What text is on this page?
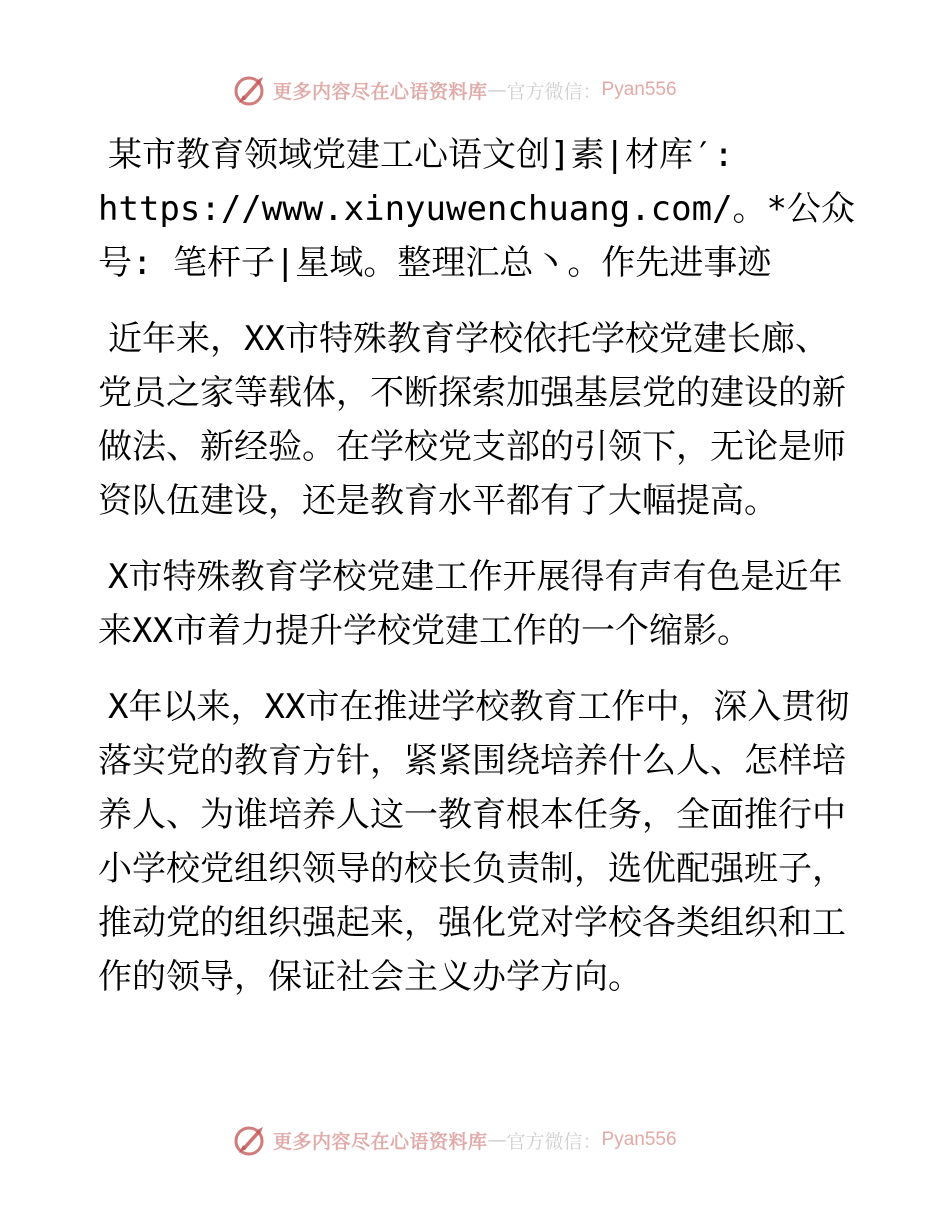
更多内容尽在心语资料库 — 官方微信： Pyan556

某市教育领域党建工心语文创]素|材库′: https://www.xinyuwenchuang.com/。*公众号: 笔杆子|星域。整理汇总丶。作先进事迹

近年来，XX市特殊教育学校依托学校党建长廊、党员之家等载体，不断探索加强基层党的建设的新做法、新经验。在学校党支部的引领下，无论是师资队伍建设，还是教育水平都有了大幅提高。

X市特殊教育学校党建工作开展得有声有色是近年来XX市着力提升学校党建工作的一个缩影。

X年以来，XX市在推进学校教育工作中，深入贯彻落实党的教育方针，紧紧围绕培养什么人、怎样培养人、为谁培养人这一教育根本任务，全面推行中小学校党组织领导的校长负责制，选优配强班子，推动党的组织强起来，强化党对学校各类组织和工作的领导，保证社会主义办学方向。

更多内容尽在心语资料库 — 官方微信： Pyan556
